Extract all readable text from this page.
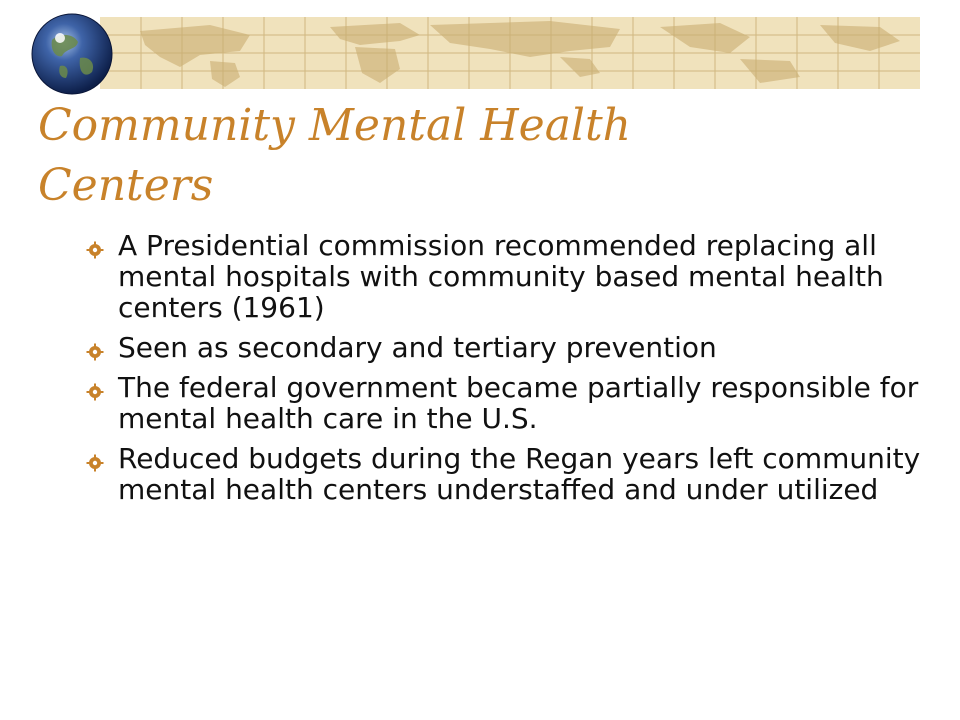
Community Mental Health
Centers
A Presidential commission recommended replacing all mental hospitals with community based mental health centers (1961)
Seen as secondary and tertiary prevention
The federal government became partially responsible for mental health care in the U.S.
Reduced budgets during the Regan years left community mental health centers understaffed and under utilized
